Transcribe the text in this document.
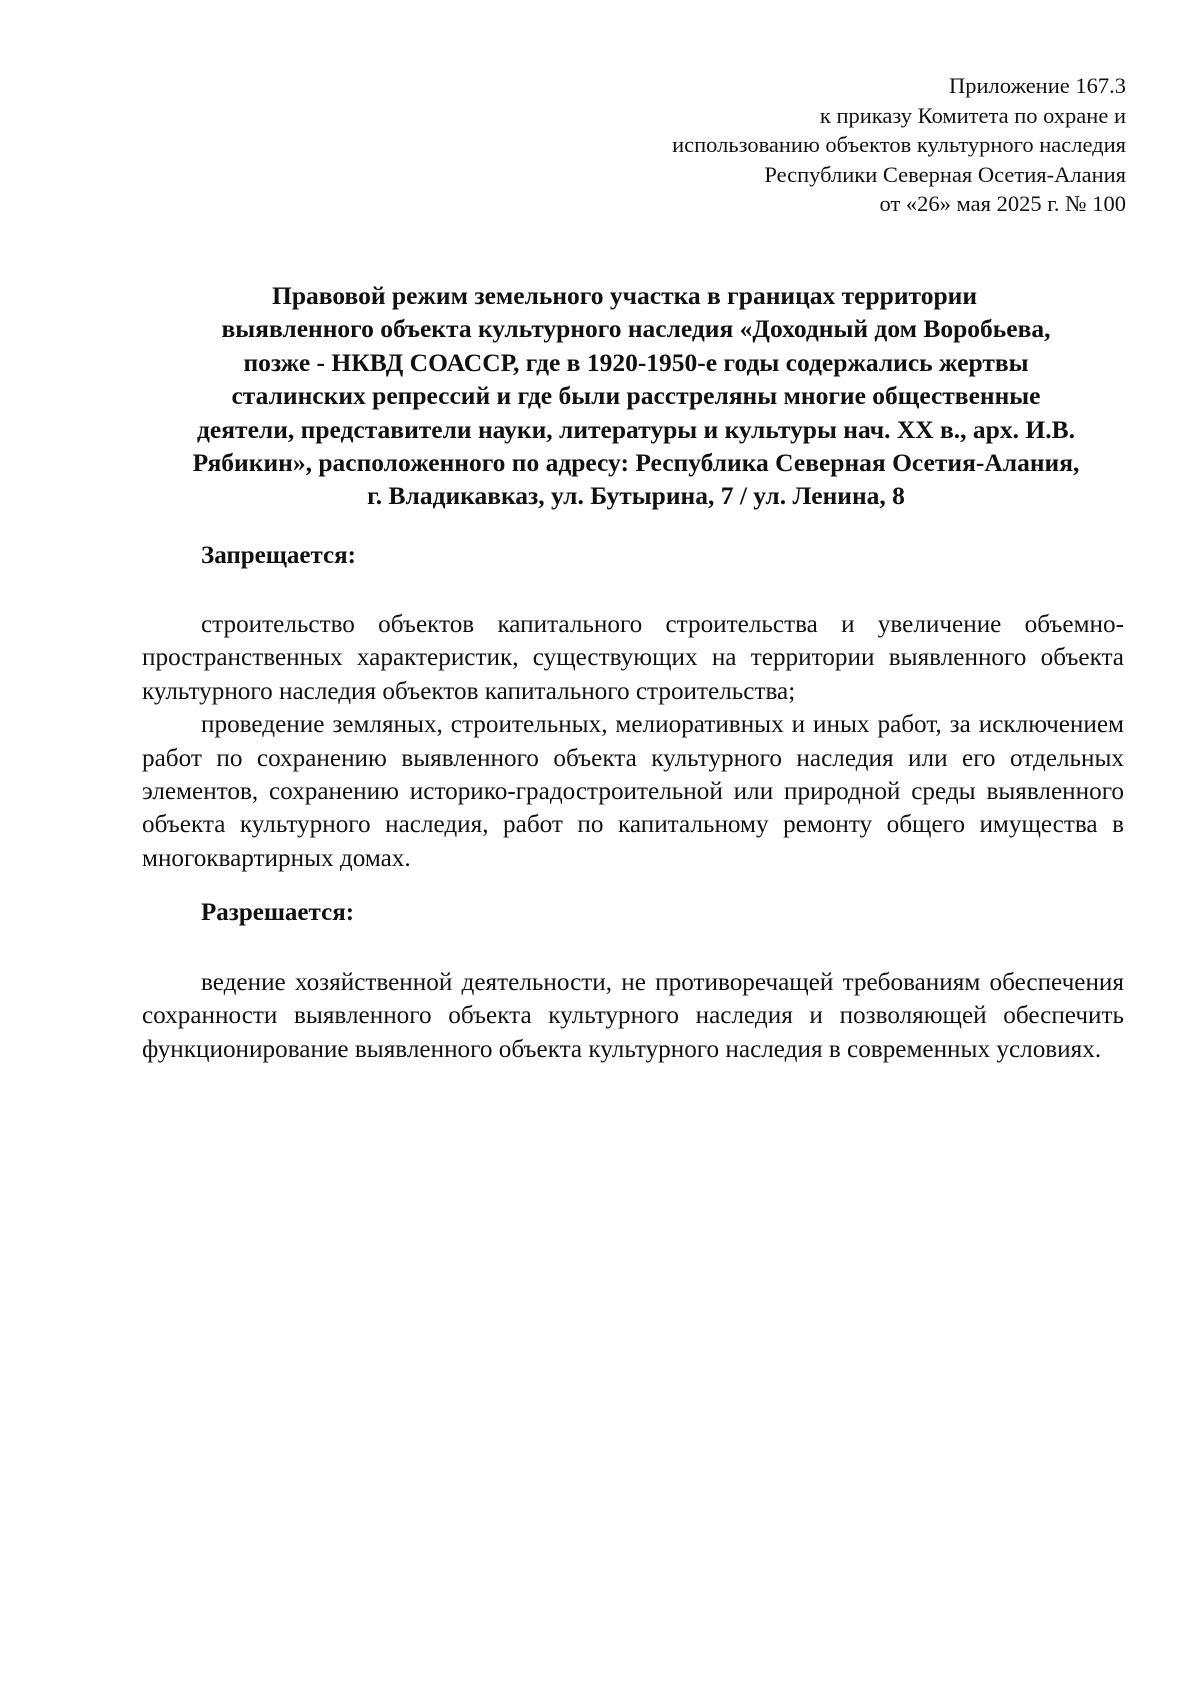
Приложение 167.3
к приказу Комитета по охране и
использованию объектов культурного наследия
Республики Северная Осетия-Алания
от «26» мая 2025 г. № 100
Правовой режим земельного участка в границах территории
выявленного объекта культурного наследия «Доходный дом Воробьева,
позже - НКВД СОАССР, где в 1920-1950-е годы содержались жертвы
сталинских репрессий и где были расстреляны многие общественные
деятели, представители науки, литературы и культуры нач. XX в., арх. И.В.
Рябикин», расположенного по адресу: Республика Северная Осетия-Алания,
г. Владикавказ, ул. Бутырина, 7 / ул. Ленина, 8
Запрещается:

строительство объектов капитального строительства и увеличение объемно-пространственных характеристик, существующих на территории выявленного объекта культурного наследия объектов капитального строительства;

проведение земляных, строительных, мелиоративных и иных работ, за исключением работ по сохранению выявленного объекта культурного наследия или его отдельных элементов, сохранению историко-градостроительной или природной среды выявленного объекта культурного наследия, работ по капитальному ремонту общего имущества в многоквартирных домах.

Разрешается:

ведение хозяйственной деятельности, не противоречащей требованиям обеспечения сохранности выявленного объекта культурного наследия и позволяющей обеспечить функционирование выявленного объекта культурного наследия в современных условиях.
